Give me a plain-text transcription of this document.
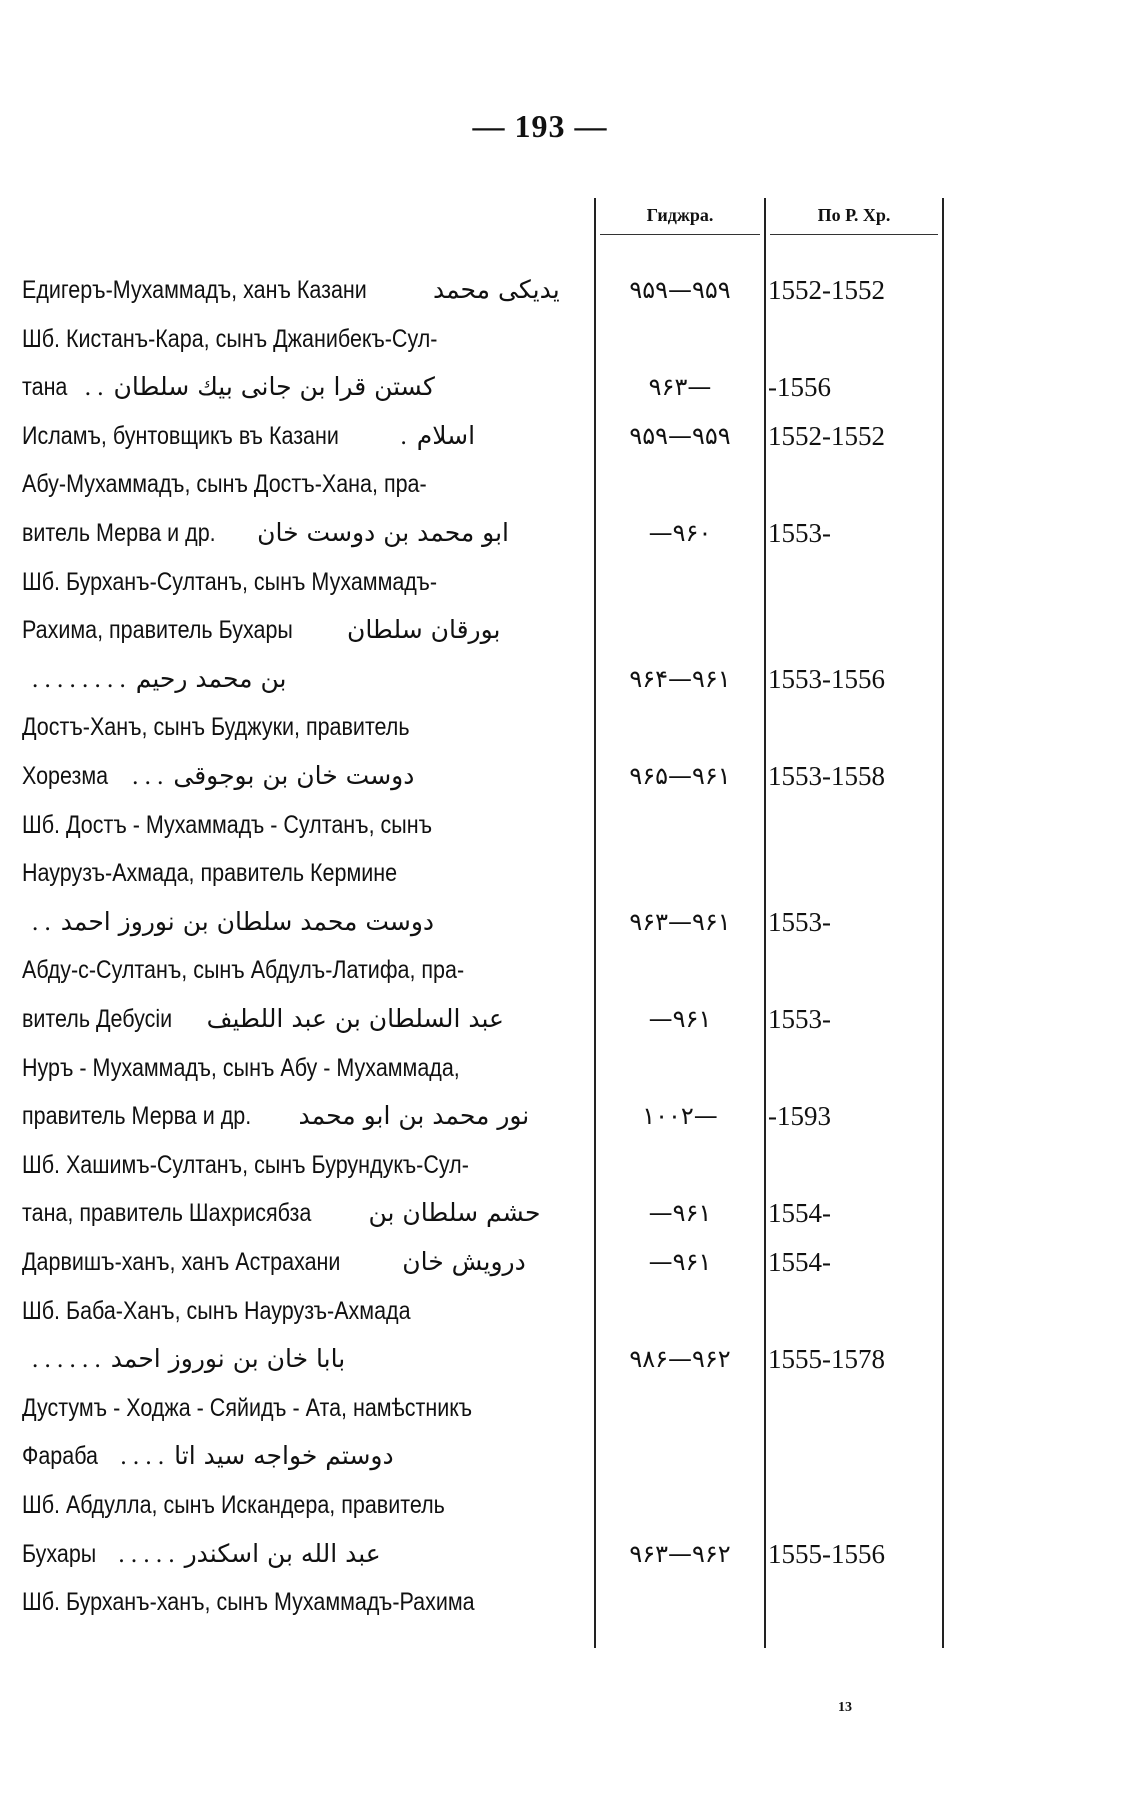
— 193 —
Гиджра.	По Р. Хр.
Едигеръ-Мухаммадъ, ханъ Казани	یدیکی محمد	۹۵۹—۹۵۹	1552-1552
Шб. Кистанъ-Кара, сынъ Джанибекъ-Сул-
тана . . کستن قرا بن جانی بیك سلطان	—۹۶۳	-1556
Исламъ, бунтовщикъ въ Казани . اسلام	۹۵۹—۹۵۹	1552-1552
Абу-Мухаммадъ, сынъ Достъ-Хана, пра-
витель Мерва и др. ابو محمد بن دوست خان	۹۶۰—	1553-
Шб. Бурханъ-Султанъ, сынъ Мухаммадъ-
Рахима, правитель Бухары بورقان سلطان
. . . . . . . . بن محمد رحیم	۹۶۱—۹۶۴	1553-1556
Достъ-Ханъ, сынъ Буджуки, правитель
Хорезма . . . دوست خان بن بوجوقی	۹۶۱—۹۶۵	1553-1558
Шб. Достъ - Мухаммадъ - Султанъ, сынъ
Наурузъ-Ахмада, правитель Кермине
. . دوست محمد سلطان بن نوروز احمد	۹۶۱—۹۶۳	1553-
Абду-с-Султанъ, сынъ Абдулъ-Латифа, пра-
витель Дебусіи عبد السلطان بن عبد اللطیف	۹۶۱—	1553-
Нуръ - Мухаммадъ, сынъ Абу - Мухаммада,
правитель Мерва и др. نور محمد بن ابو محمد	—۱۰۰۲	-1593
Шб. Хашимъ-Султанъ, сынъ Бурундукъ-Сул-
тана, правитель Шахрисябза حشم سلطان بن	۹۶۱—	1554-
Дарвишъ-ханъ, ханъ Астрахани درویش خان	۹۶۱—	1554-
Шб. Баба-Ханъ, сынъ Наурузъ-Ахмада
. . . . . . بابا خان بن نوروز احمد	۹۶۲—۹۸۶	1555-1578
Дустумъ - Ходжа - Сяйидъ - Ата, намѣстникъ
Фараба . . . . دوستم خواجه سید اتا
Шб. Абдулла, сынъ Искандера, правитель
Бухары . . . . . عبد الله بن اسکندر	۹۶۲—۹۶۳	1555-1556
Шб. Бурханъ-ханъ, сынъ Мухаммадъ-Рахима
13
